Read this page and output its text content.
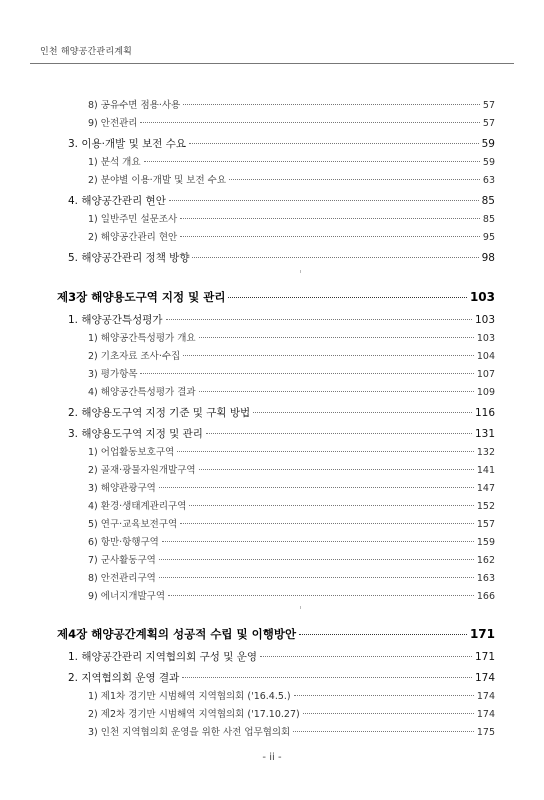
인천 해양공간관리계획
8) 공유수면 점용·사용	57
9) 안전관리	57
3. 이용·개발 및 보전 수요	59
1) 분석 개요	59
2) 분야별 이용·개발 및 보전 수요	63
4. 해양공간관리 현안	85
1) 일반주민 설문조사	85
2) 해양공간관리 현안	95
5. 해양공간관리 정책 방향	98
제3장 해양용도구역 지정 및 관리	103
1. 해양공간특성평가	103
1) 해양공간특성평가 개요	103
2) 기초자료 조사·수집	104
3) 평가항목	107
4) 해양공간특성평가 결과	109
2. 해양용도구역 지정 기준 및 구획 방법	116
3. 해양용도구역 지정 및 관리	131
1) 어업활동보호구역	132
2) 골재·광물자원개발구역	141
3) 해양관광구역	147
4) 환경·생태계관리구역	152
5) 연구·교육보전구역	157
6) 항만·항행구역	159
7) 군사활동구역	162
8) 안전관리구역	163
9) 에너지개발구역	166
제4장 해양공간계획의 성공적 수립 및 이행방안	171
1. 해양공간관리 지역협의회 구성 및 운영	171
2. 지역협의회 운영 결과	174
1) 제1차 경기만 시범해역 지역협의회 ('16.4.5.)	174
2) 제2차 경기만 시범해역 지역협의회 ('17.10.27)	174
3) 인천 지역협의회 운영을 위한 사전 업무협의회	175
- ii -
